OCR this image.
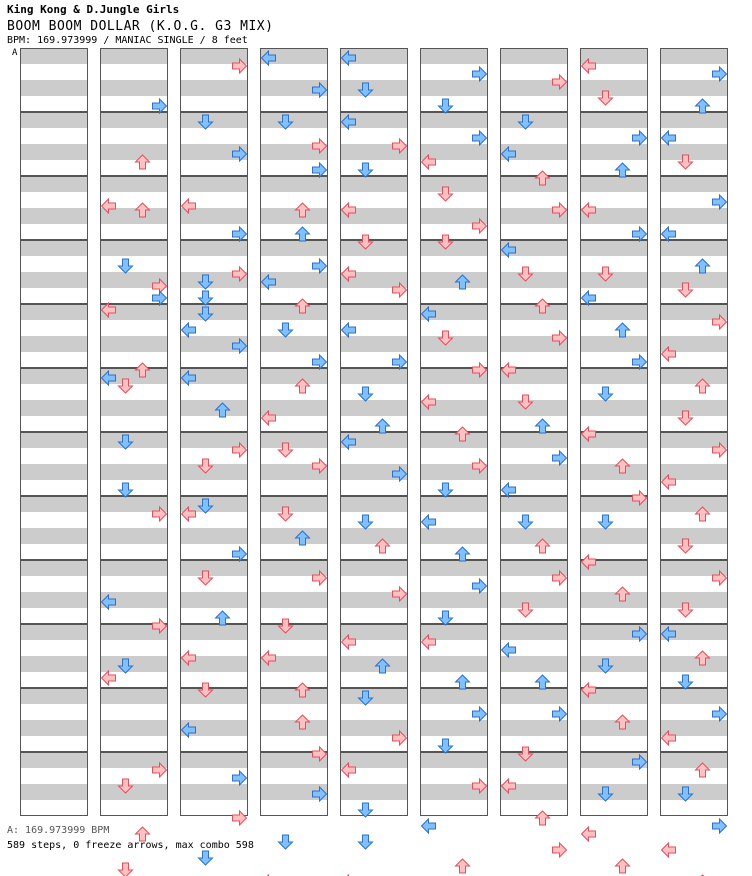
King Kong & D.Jungle Girls
BOOM BOOM DOLLAR (K.O.G. G3 MIX)
BPM: 169.973999 / MANIAC SINGLE / 8 feet
A
A: 169.973999 BPM
589 steps, 0 freeze arrows, max combo 598
